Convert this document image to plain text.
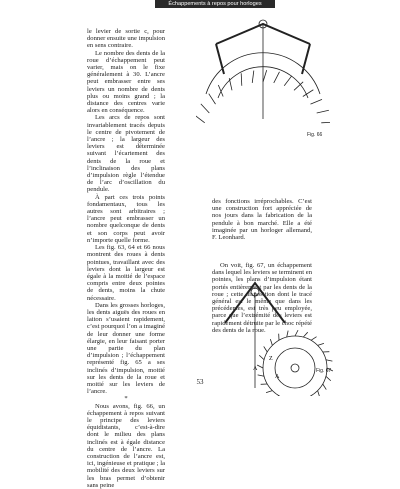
Échappements à repos pour horloges

le levier de sortie c, pour donner ensuite une impulsion en sens contraire.

Le nombre des dents de la roue d’échappement peut varier, mais on le fixe généralement à 30. L’ancre peut embrasser entre ses leviers un nombre de dents plus ou moins grand ; la distance des centres varie alors en conséquence.

Les arcs de repos sont invariablement tracés depuis le centre de pivotement de l’ancre ; la largeur des leviers est déterminée suivant l’écartement des dents de la roue et l’inclinaison des plans d’impulsion règle l’étendue de l’arc d’oscillation du pendule.

À part ces trois points fondamentaux, tous les autres sont arbitraires ; l’ancre peut embrasser un nombre quelconque de dents et son corps peut avoir n’importe quelle forme.

Les fig. 63, 64 et 66 nous montrent des roues à dents pointues, travaillant avec des leviers dont la largeur est égale à la moitié de l’espace compris entre deux pointes de dents, moins la chute nécessaire.

Dans les grosses horloges, les dents aiguës des roues en laiton s’usaient rapidement, c’est pourquoi l’on a imaginé de leur donner une forme élargie, en leur faisant porter une partie du plan d’impulsion ; l’échappement représenté fig. 65 a ses inclinés d’impulsion, moitié sur les dents de la roue et moitié sur les leviers de l’ancre.

*

Nous avons, fig. 66, un échappement à repos suivant le principe des leviers équidistants, c’est-à-dire dont le milieu des plans inclinés est à égale distance du centre de l’ancre. La construction de l’ancre est, ici, ingénieuse et pratique ; la mobilité des deux leviers sur les bras permet d’obtenir sans peine

Fig. 66

des fonctions irréprochables. C’est une construction fort appréciée de nos jours dans la fabrication de la pendule à bon marché. Elle a été imaginée par un horloger allemand, F. Leonhard.

On voit, fig. 67, un échappement dans lequel les leviers se terminent en pointes, les plans d’impulsion étant portés entièrement par les dents de la roue ; cette disposition dont le tracé général est le même que dans les précédentes, est très peu employée, parce que l’extrémité des leviers est rapidement détruite par le choc répété des dents de la roue.

A
Z
A
Fig. 67
53
